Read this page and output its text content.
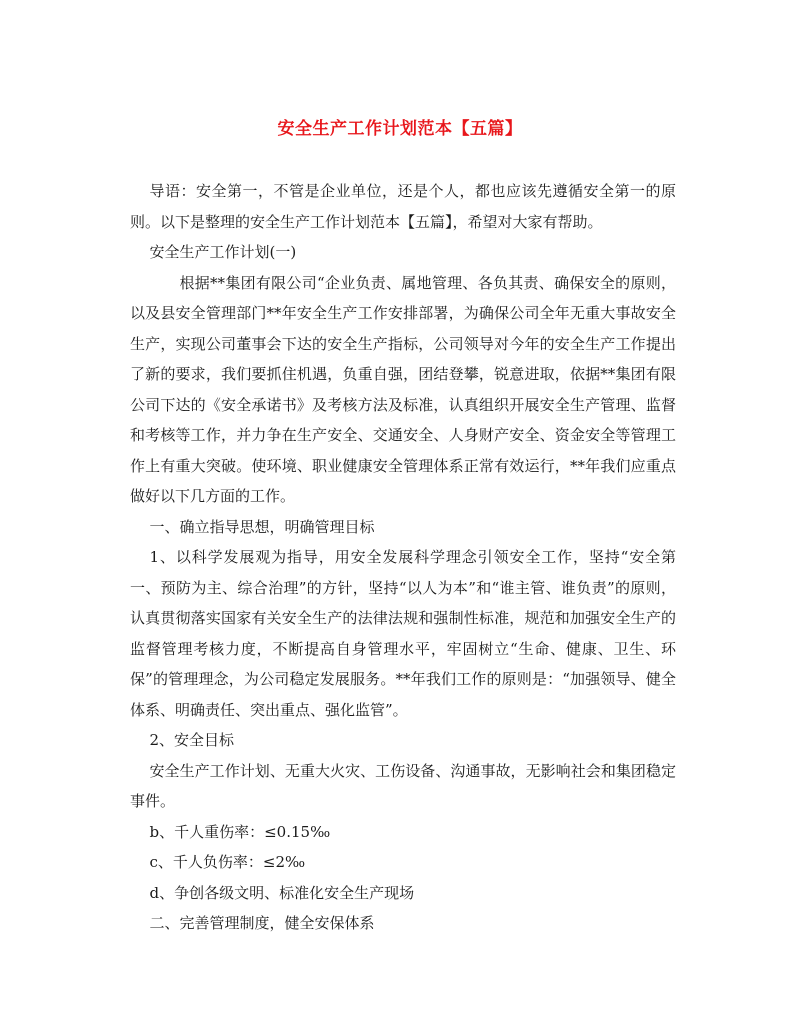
安全生产工作计划范本【五篇】

导语：安全第一，不管是企业单位，还是个人，都也应该先遵循安全第一的原则。以下是整理的安全生产工作计划范本【五篇】，希望对大家有帮助。

安全生产工作计划(一)

根据**集团有限公司“企业负责、属地管理、各负其责、确保安全的原则，以及县安全管理部门**年安全生产工作安排部署，为确保公司全年无重大事故安全生产，实现公司董事会下达的安全生产指标，公司领导对今年的安全生产工作提出了新的要求，我们要抓住机遇，负重自强，团结登攀，锐意进取，依据**集团有限公司下达的《安全承诺书》及考核方法及标准，认真组织开展安全生产管理、监督和考核等工作，并力争在生产安全、交通安全、人身财产安全、资金安全等管理工作上有重大突破。使环境、职业健康安全管理体系正常有效运行，**年我们应重点做好以下几方面的工作。

一、确立指导思想，明确管理目标

1、以科学发展观为指导，用安全发展科学理念引领安全工作，坚持“安全第一、预防为主、综合治理”的方针，坚持“以人为本”和“谁主管、谁负责”的原则，认真贯彻落实国家有关安全生产的法律法规和强制性标准，规范和加强安全生产的监督管理考核力度，不断提高自身管理水平，牢固树立“生命、健康、卫生、环保”的管理理念，为公司稳定发展服务。**年我们工作的原则是：“加强领导、健全体系、明确责任、突出重点、强化监管”。

2、安全目标

安全生产工作计划、无重大火灾、工伤设备、沟通事故，无影响社会和集团稳定事件。

b、千人重伤率：≤0.15‰

c、千人负伤率：≤2‰

d、争创各级文明、标准化安全生产现场

二、完善管理制度，健全安保体系
